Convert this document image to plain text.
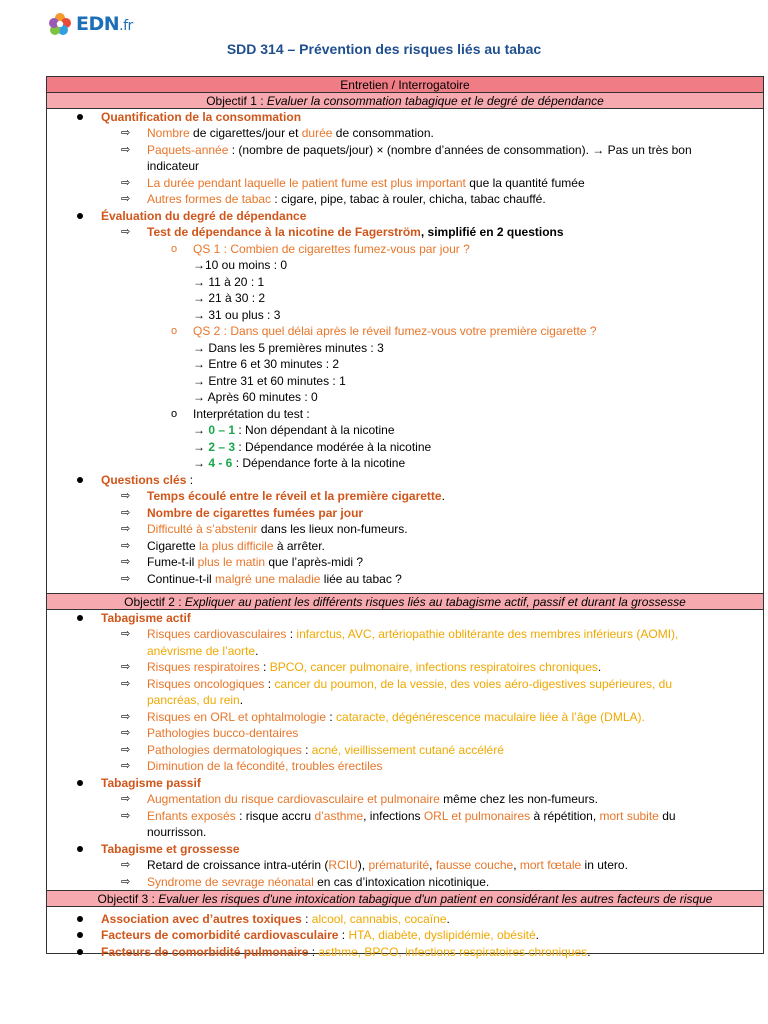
EDN.fr
SDD 314 – Prévention des risques liés au tabac
Entretien / Interrogatoire
Objectif 1 : Evaluer la consommation tabagique et le degré de dépendance
Quantification de la consommation
⇨ Nombre de cigarettes/jour et durée de consommation.
⇨ Paquets-année : (nombre de paquets/jour) × (nombre d’années de consommation). → Pas un très bon
indicateur
⇨ La durée pendant laquelle le patient fume est plus important que la quantité fumée
⇨ Autres formes de tabac : cigare, pipe, tabac à rouler, chicha, tabac chauffé.
Évaluation du degré de dépendance
⇨ Test de dépendance à la nicotine de Fagerström, simplifié en 2 questions
o QS 1 : Combien de cigarettes fumez-vous par jour ?
→10 ou moins : 0
→ 11 à 20 : 1
→ 21 à 30 : 2
→ 31 ou plus : 3
o QS 2 : Dans quel délai après le réveil fumez-vous votre première cigarette ?
→ Dans les 5 premières minutes : 3
→ Entre 6 et 30 minutes : 2
→ Entre 31 et 60 minutes : 1
→ Après 60 minutes : 0
o Interprétation du test :
→ 0 – 1 : Non dépendant à la nicotine
→ 2 – 3 : Dépendance modérée à la nicotine
→ 4 - 6 : Dépendance forte à la nicotine
Questions clés :
⇨ Temps écoulé entre le réveil et la première cigarette.
⇨ Nombre de cigarettes fumées par jour
⇨ Difficulté à s’abstenir dans les lieux non-fumeurs.
⇨ Cigarette la plus difficile à arrêter.
⇨ Fume-t-il plus le matin que l’après-midi ?
⇨ Continue-t-il malgré une maladie liée au tabac ?
Objectif 2 : Expliquer au patient les différents risques liés au tabagisme actif, passif et durant la grossesse
Tabagisme actif
⇨ Risques cardiovasculaires : infarctus, AVC, artériopathie oblitérante des membres inférieurs (AOMI),
anévrisme de l’aorte.
⇨ Risques respiratoires : BPCO, cancer pulmonaire, infections respiratoires chroniques.
⇨ Risques oncologiques : cancer du poumon, de la vessie, des voies aéro-digestives supérieures, du
pancréas, du rein.
⇨ Risques en ORL et ophtalmologie : cataracte, dégénérescence maculaire liée à l’âge (DMLA).
⇨ Pathologies bucco-dentaires
⇨ Pathologies dermatologiques : acné, vieillissement cutané accéléré
⇨ Diminution de la fécondité, troubles érectiles
Tabagisme passif
⇨ Augmentation du risque cardiovasculaire et pulmonaire même chez les non-fumeurs.
⇨ Enfants exposés : risque accru d’asthme, infections ORL et pulmonaires à répétition, mort subite du
nourrisson.
Tabagisme et grossesse
⇨ Retard de croissance intra-utérin (RCIU), prématurité, fausse couche, mort fœtale in utero.
⇨ Syndrome de sevrage néonatal en cas d’intoxication nicotinique.
Objectif 3 : Evaluer les risques d'une intoxication tabagique d'un patient en considérant les autres facteurs de risque
Association avec d’autres toxiques : alcool, cannabis, cocaïne.
Facteurs de comorbidité cardiovasculaire : HTA, diabète, dyslipidémie, obésité.
Facteurs de comorbidité pulmonaire : asthme, BPCO, infections respiratoires chroniques.
